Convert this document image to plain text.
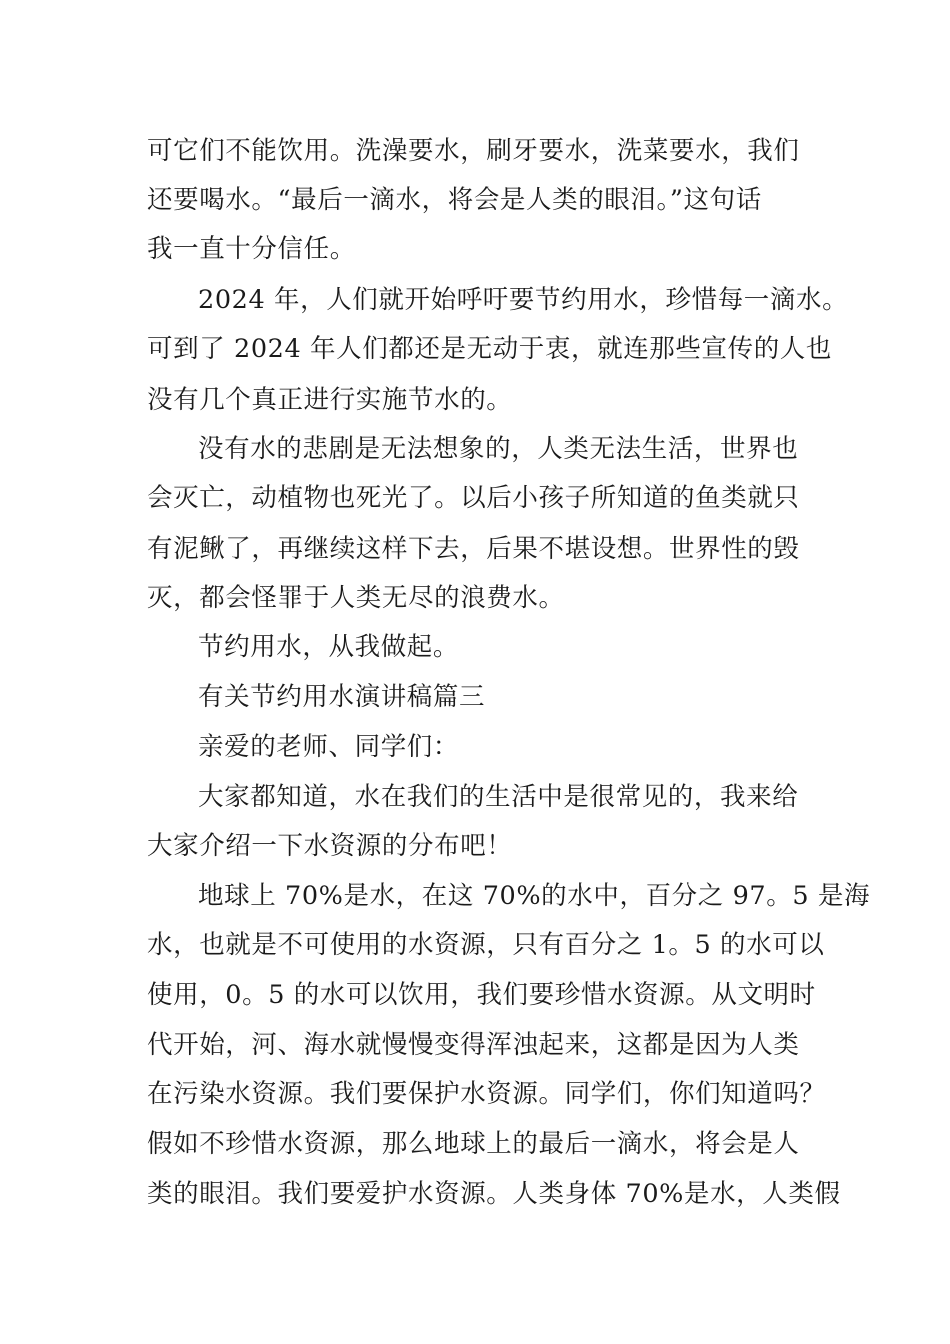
可它们不能饮用。洗澡要水，刷牙要水，洗菜要水，我们
还要喝水。“最后一滴水，将会是人类的眼泪。”这句话
我一直十分信任。
2024 年，人们就开始呼吁要节约用水，珍惜每一滴水。
可到了 2024 年人们都还是无动于衷，就连那些宣传的人也
没有几个真正进行实施节水的。
没有水的悲剧是无法想象的，人类无法生活，世界也
会灭亡，动植物也死光了。以后小孩子所知道的鱼类就只
有泥鳅了，再继续这样下去，后果不堪设想。世界性的毁
灭，都会怪罪于人类无尽的浪费水。
节约用水，从我做起。
有关节约用水演讲稿篇三
亲爱的老师、同学们：
大家都知道，水在我们的生活中是很常见的，我来给
大家介绍一下水资源的分布吧！
地球上 70%是水，在这 70%的水中，百分之 97。5 是海
水，也就是不可使用的水资源，只有百分之 1。5 的水可以
使用，0。5 的水可以饮用，我们要珍惜水资源。从文明时
代开始，河、海水就慢慢变得浑浊起来，这都是因为人类
在污染水资源。我们要保护水资源。同学们，你们知道吗？
假如不珍惜水资源，那么地球上的最后一滴水，将会是人
类的眼泪。我们要爱护水资源。人类身体 70%是水，人类假
